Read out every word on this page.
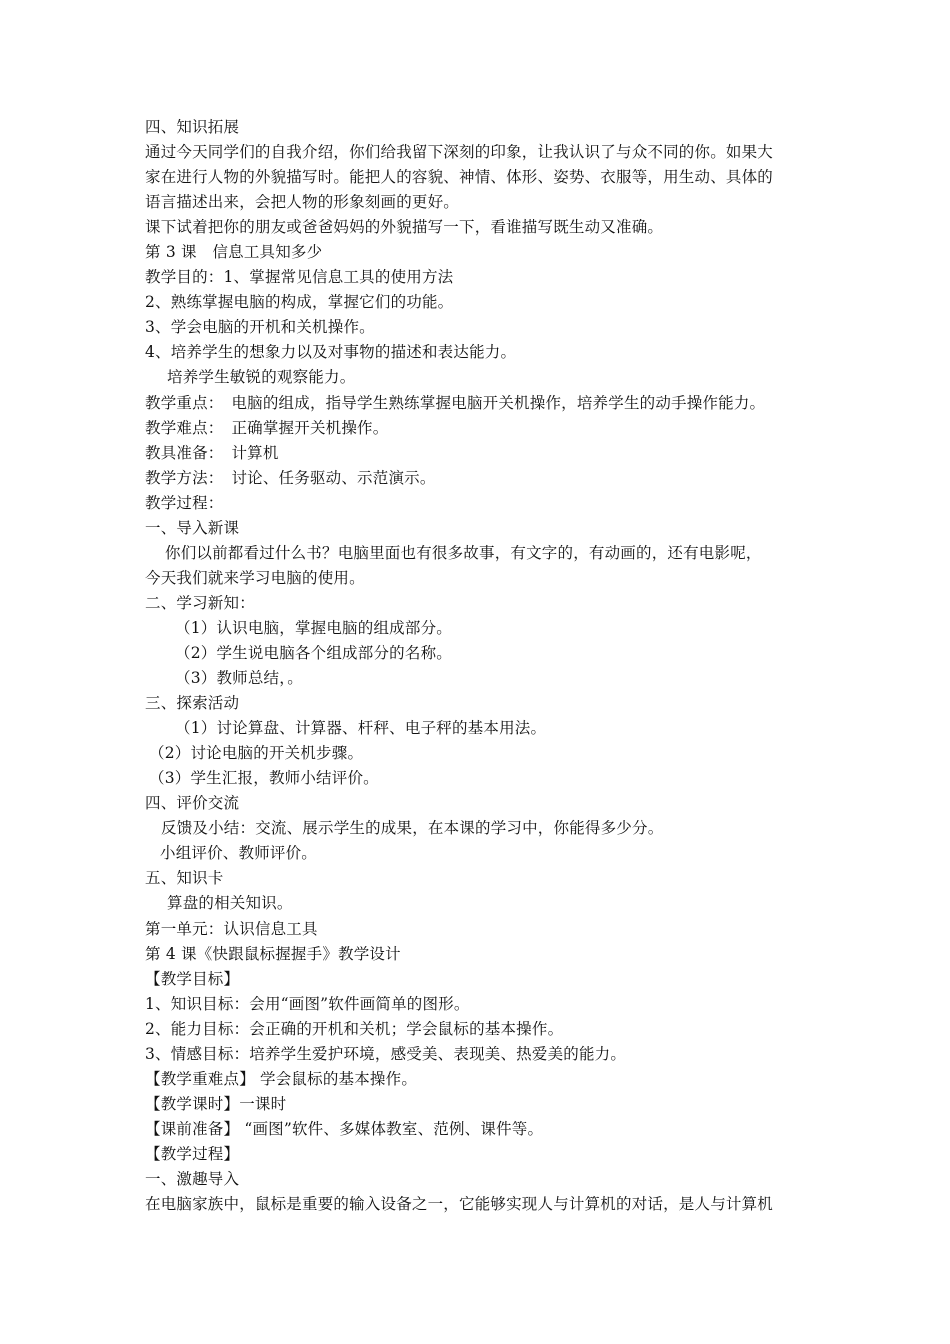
四、知识拓展
通过今天同学们的自我介绍，你们给我留下深刻的印象，让我认识了与众不同的你。如果大
家在进行人物的外貌描写时。能把人的容貌、神情、体形、姿势、衣服等，用生动、具体的
语言描述出来，会把人物的形象刻画的更好。
课下试着把你的朋友或爸爸妈妈的外貌描写一下，看谁描写既生动又准确。
第 3 课　信息工具知多少
教学目的：1、掌握常见信息工具的使用方法
2、熟练掌握电脑的构成，掌握它们的功能。
3、学会电脑的开机和关机操作。
4、培养学生的想象力以及对事物的描述和表达能力。
培养学生敏锐的观察能力。
教学重点：　电脑的组成，指导学生熟练掌握电脑开关机操作，培养学生的动手操作能力。
教学难点：　正确掌握开关机操作。
教具准备：　计算机
教学方法：　讨论、任务驱动、示范演示。
教学过程：
一、导入新课
你们以前都看过什么书？电脑里面也有很多故事，有文字的，有动画的，还有电影呢，
今天我们就来学习电脑的使用。
二、学习新知：
（1）认识电脑，掌握电脑的组成部分。
（2）学生说电脑各个组成部分的名称。
（3）教师总结，。
三、探索活动
（1）讨论算盘、计算器、杆秤、电子秤的基本用法。
（2）讨论电脑的开关机步骤。
（3）学生汇报，教师小结评价。
四、评价交流
反馈及小结：交流、展示学生的成果，在本课的学习中，你能得多少分。
小组评价、教师评价。
五、知识卡
算盘的相关知识。
第一单元：认识信息工具
第 4 课《快跟鼠标握握手》教学设计
【教学目标】
1、知识目标：会用“画图”软件画简单的图形。
2、能力目标：会正确的开机和关机；学会鼠标的基本操作。
3、情感目标：培养学生爱护环境，感受美、表现美、热爱美的能力。
【教学重难点】 学会鼠标的基本操作。
【教学课时】一课时
【课前准备】 “画图”软件、多媒体教室、范例、课件等。
【教学过程】
一、激趣导入
在电脑家族中，鼠标是重要的输入设备之一，它能够实现人与计算机的对话，是人与计算机
